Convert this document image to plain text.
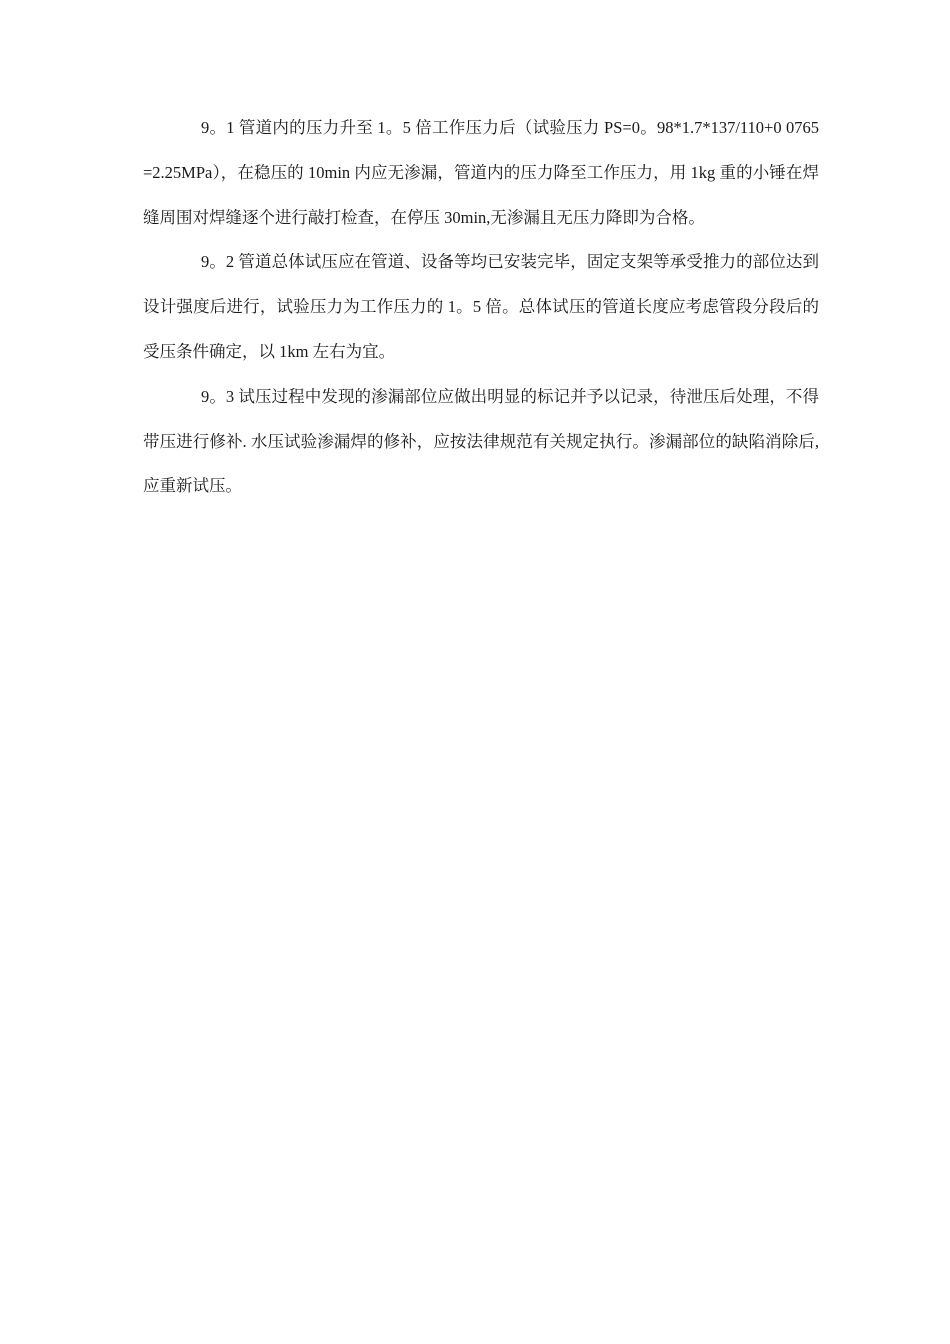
9。1 管道内的压力升至 1。5 倍工作压力后（试验压力 PS=0。98*1.7*137/110+0 0765=2.25MPa），在稳压的 10min 内应无渗漏，管道内的压力降至工作压力，用 1kg 重的小锤在焊缝周围对焊缝逐个进行敲打检查，在停压 30min,无渗漏且无压力降即为合格。

9。2 管道总体试压应在管道、设备等均已安装完毕，固定支架等承受推力的部位达到设计强度后进行，试验压力为工作压力的 1。5 倍。总体试压的管道长度应考虑管段分段后的受压条件确定，以 1km 左右为宜。

9。3 试压过程中发现的渗漏部位应做出明显的标记并予以记录，待泄压后处理，不得带压进行修补. 水压试验渗漏焊的修补，应按法律规范有关规定执行。渗漏部位的缺陷消除后, 应重新试压。
